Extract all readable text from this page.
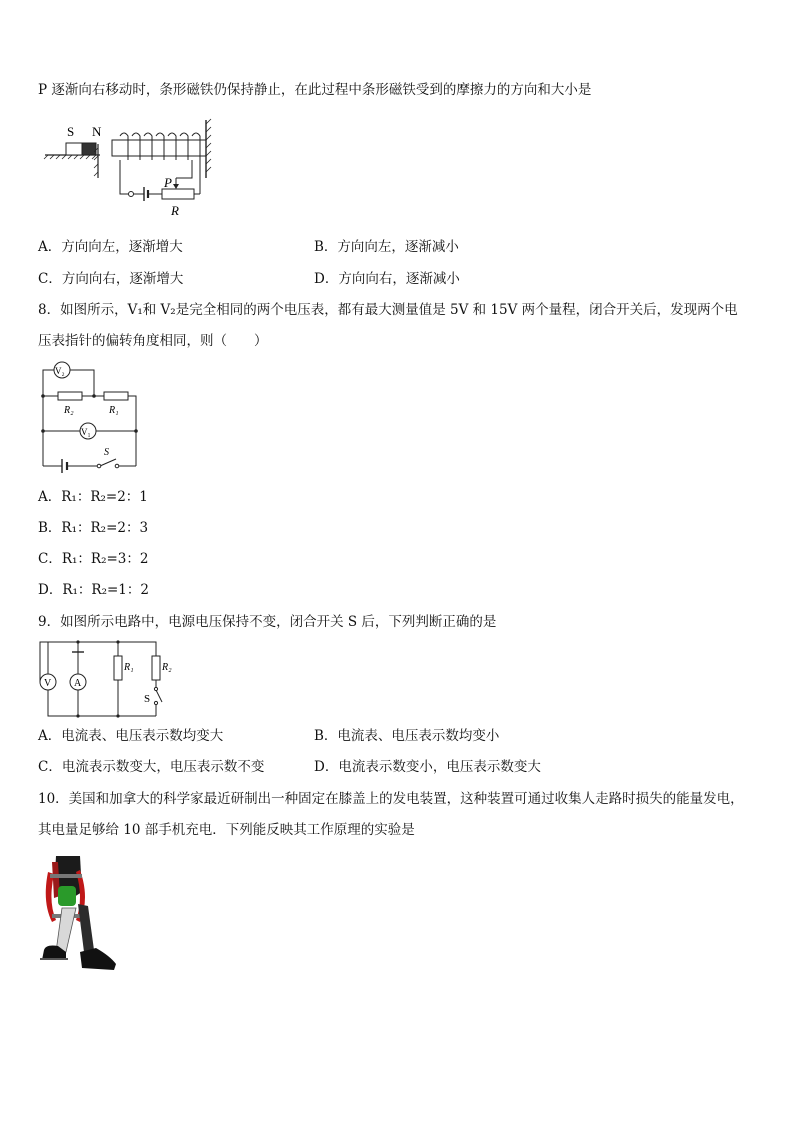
P 逐渐向右移动时，条形磁铁仍保持静止，在此过程中条形磁铁受到的摩擦力的方向和大小是
S N
P
R
A．方向向左，逐渐增大	B．方向向左，逐渐减小
C．方向向右，逐渐增大	D．方向向右，逐渐减小
8．如图所示，V₁和 V₂是完全相同的两个电压表，都有最大测量值是 5V 和 15V 两个量程，闭合开关后，发现两个电
压表指针的偏转角度相同，则（　　）
V₂
V₁
R₂	R₁
S
A．R₁：R₂=2：1
B．R₁：R₂=2：3
C．R₁：R₂=3：2
D．R₁：R₂=1：2
9．如图所示电路中，电源电压保持不变，闭合开关 S 后，下列判断正确的是
V A
R₁	R₂
S
A．电流表、电压表示数均变大	B．电流表、电压表示数均变小
C．电流表示数变大，电压表示数不变	D．电流表示数变小，电压表示数变大
10．美国和加拿大的科学家最近研制出一种固定在膝盖上的发电装置，这种装置可通过收集人走路时损失的能量发电，
其电量足够给 10 部手机充电．下列能反映其工作原理的实验是
